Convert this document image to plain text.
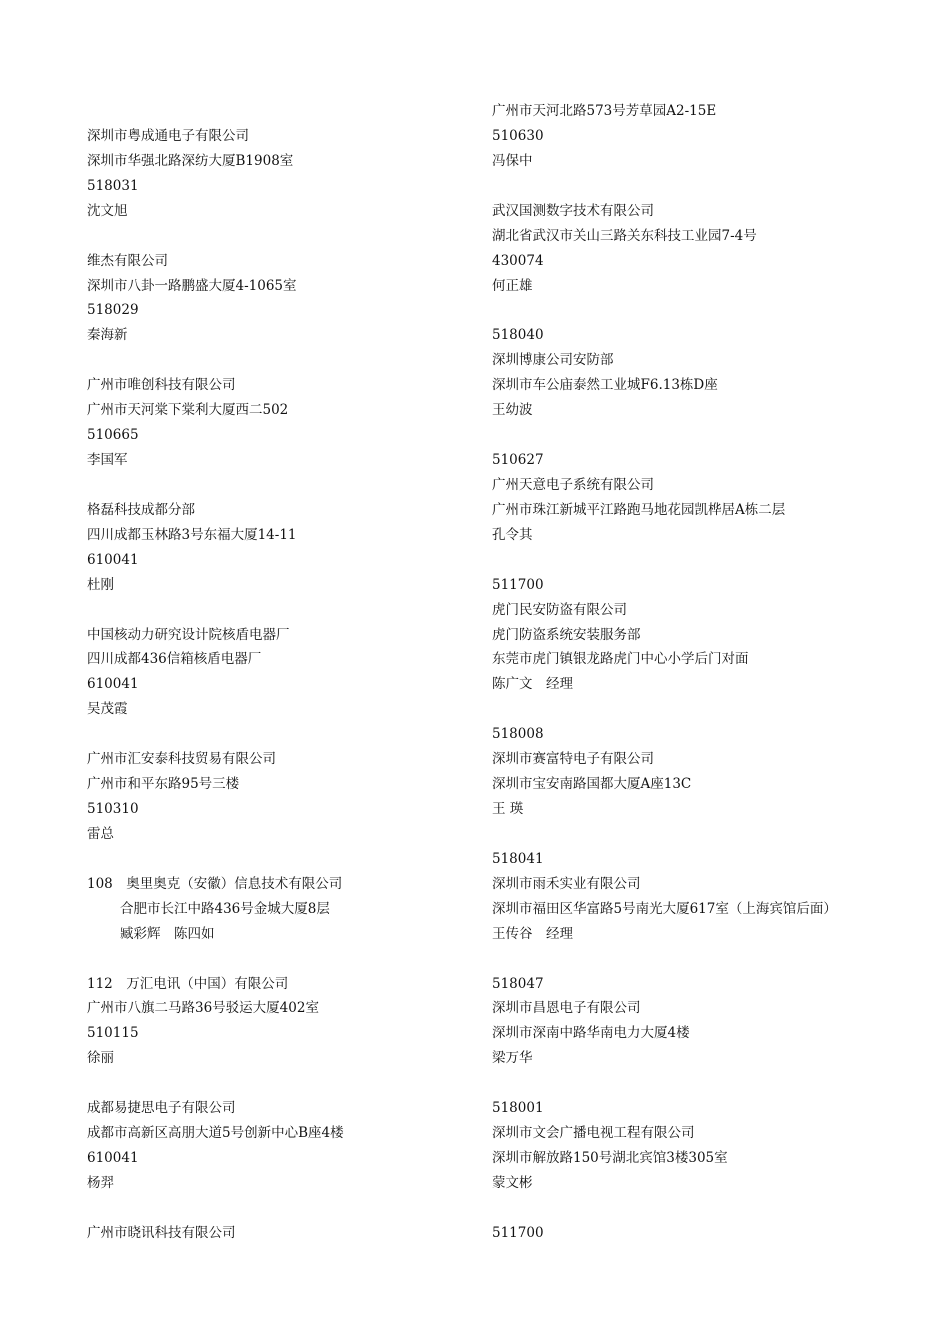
深圳市粤成通电子有限公司
深圳市华强北路深纺大厦B1908室
518031
沈文旭
维杰有限公司
深圳市八卦一路鹏盛大厦4-1065室
518029
秦海新
广州市唯创科技有限公司
广州市天河棠下棠利大厦西二502
510665
李国军
格磊科技成都分部
四川成都玉林路3号东福大厦14-11
610041
杜刚
中国核动力研究设计院核盾电器厂
四川成都436信箱核盾电器厂
610041
吴茂霞
广州市汇安泰科技贸易有限公司
广州市和平东路95号三楼
510310
雷总
108　奥里奥克（安徽）信息技术有限公司
合肥市长江中路436号金城大厦8层
臧彩辉　陈四如
112　万汇电讯（中国）有限公司
广州市八旗二马路36号驳运大厦402室
510115
徐丽
成都易捷思电子有限公司
成都市高新区高朋大道5号创新中心B座4楼
610041
杨羿
广州市晓讯科技有限公司
广州市天河北路573号芳草园A2-15E
510630
冯保中
武汉国测数字技术有限公司
湖北省武汉市关山三路关东科技工业园7-4号
430074
何正雄
518040
深圳博康公司安防部
深圳市车公庙泰然工业城F6.13栋D座
王幼波
510627
广州天意电子系统有限公司
广州市珠江新城平江路跑马地花园凯桦居A栋二层
孔令其
511700
虎门民安防盗有限公司
虎门防盗系统安装服务部
东莞市虎门镇银龙路虎门中心小学后门对面
陈广文　经理
518008
深圳市赛富特电子有限公司
深圳市宝安南路国都大厦A座13C
王 瑛
518041
深圳市雨禾实业有限公司
深圳市福田区华富路5号南光大厦617室（上海宾馆后面）
王传谷　经理
518047
深圳市昌恩电子有限公司
深圳市深南中路华南电力大厦4楼
梁万华
518001
深圳市文会广播电视工程有限公司
深圳市解放路150号湖北宾馆3楼305室
蒙文彬
511700
